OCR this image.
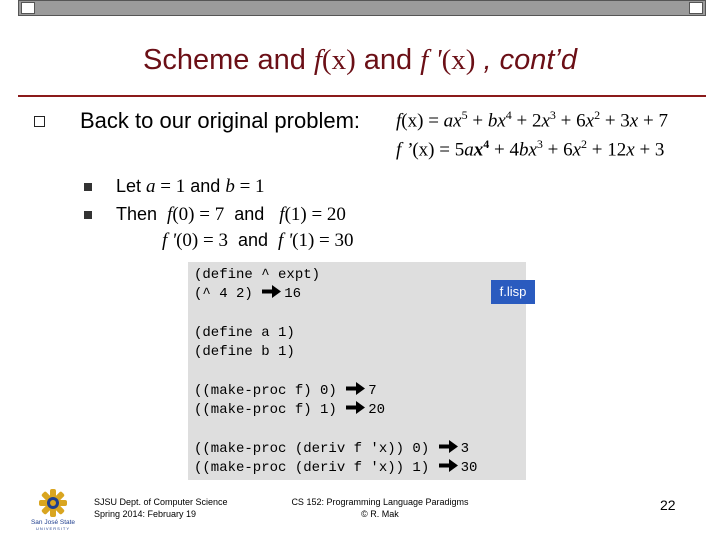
Scheme and f(x) and f '(x) , cont’d
Back to our original problem: $f(x) = ax^5 + bx^4 + 2x^3 + 6x^2 + 3x + 7$
f ’(x) = $5ax^4 + 4bx^3 + 6x^2 + 12x + 3$
Let a = 1 and b = 1
Then f(0) = 7 and f(1) = 20
f '(0) = 3 and f '(1) = 30
(define ^ expt)
(^ 4 2) 16
(define a 1)
(define b 1)
((make-proc f) 0) 7
((make-proc f) 1) 20
((make-proc (deriv f 'x)) 0) 3
((make-proc (deriv f 'x)) 1) 30
f.lisp
San José State
UNIVERSITY
SJSU Dept. of Computer Science
Spring 2014: February 19
CS 152: Programming Language Paradigms
© R. Mak
22
